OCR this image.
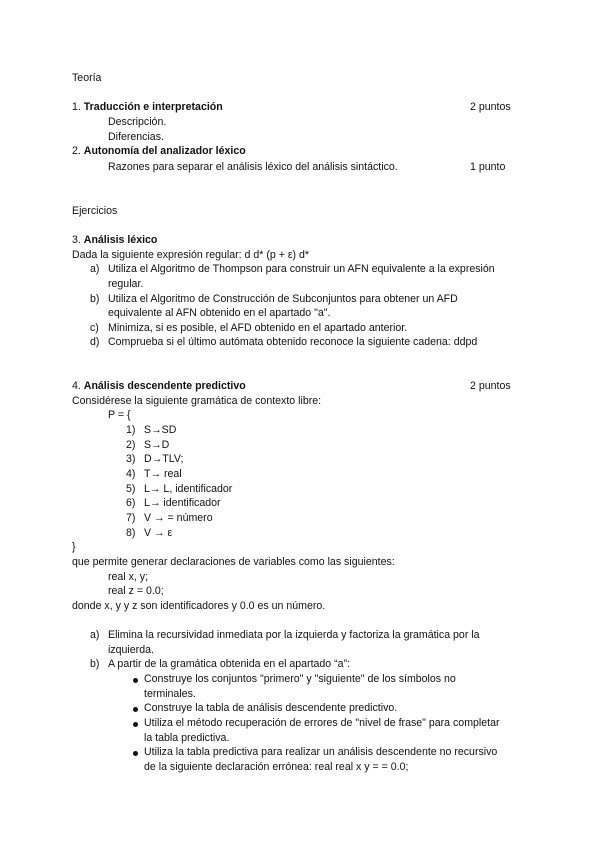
Teoría
1. Traducción e interpretación	2 puntos
Descripción.
Diferencias.
2. Autonomía del analizador léxico
Razones para separar el análisis léxico del análisis sintáctico.	1 punto
Ejercicios
3. Análisis léxico
Dada la siguiente expresión regular: d d* (p + ε) d*
a) Utiliza el Algoritmo de Thompson para construir un AFN equivalente a la expresión
regular.
b) Utiliza el Algoritmo de Construcción de Subconjuntos para obtener un AFD
equivalente al AFN obtenido en el apartado "a".
c) Minimiza, si es posible, el AFD obtenido en el apartado anterior.
d) Comprueba si el último autómata obtenido reconoce la siguiente cadena: ddpd
4. Análisis descendente predictivo	2 puntos
Considérese la siguiente gramática de contexto libre:
P = {
1) S→SD
2) S→D
3) D→TLV;
4) T→ real
5) L→ L, identificador
6) L→ identificador
7) V → = número
8) V → ε
}
que permite generar declaraciones de variables como las siguientes:
real x, y;
real z = 0.0;
donde x, y y z son identificadores y 0.0 es un número.
a) Elimina la recursividad inmediata por la izquierda y factoriza la gramática por la
izquierda.
b) A partir de la gramática obtenida en el apartado “a”:
Construye los conjuntos "primero" y "siguiente" de los símbolos no
terminales.
Construye la tabla de análisis descendente predictivo.
Utiliza el método recuperación de errores de "nivel de frase" para completar
la tabla predictiva.
Utiliza la tabla predictiva para realizar un análisis descendente no recursivo
de la siguiente declaración errónea: real real x y = = 0.0;
